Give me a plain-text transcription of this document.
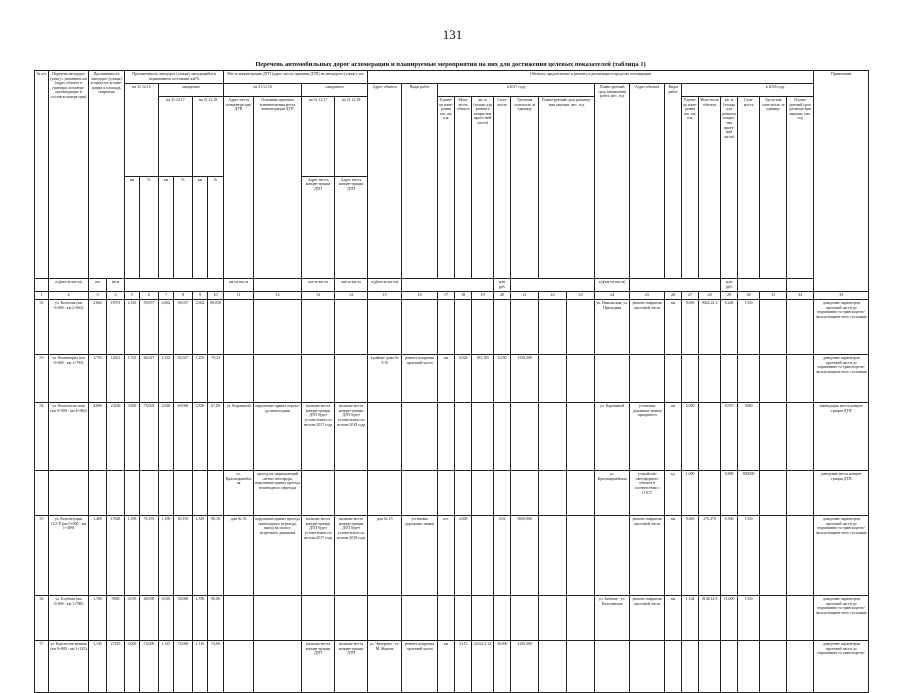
131
Перечень автомобильных дорог агломерации и планируемые мероприятия на них для достижения целевых показателей (таблица 1)
№ п/п	Перечень автодорог (улиц) с указанием км (адрес объекта в границах агломера-ции/входящих в состав агломера-ции)	Протяженность автодорог (улицы) в пределах агломе-рации и площадь покрытия		Протяженность автодорог (улицы), находящейся в нормативном состоянии, км/%						Места концентрации ДТП (адрес места, причины ДТП) на автодороге (улице), шт.				Объекты, предлагаемые к ремонту и реализации в пределах агломерации																		Примечание	
				на 31.12.16		ожидаемое				на 31.12.16		ожидаемое		Адрес объекта	Виды работ	в 2017 году							Плани-руемый срок завершения работ, мес. год	Адрес объекта	Виды работ	в 2018 году							
						на 31.12.17		на 31.12.18		Адрес места концентра-ции ДТП	Основные причины возникновения места концентрации ДТП	на 31.12.17	на 31.12.18			Едини-ца изме-рения км, шт, п.м.	Мощ-ность объекта	кв. м (только для ремонта покры-тия проез-жей части)	Стои-мость	Удельная стоимость за единицу	Плани-руемый срок размеще-ния закупки, мес. год					Едини-ца изме-рения км, шт, п.м.	Мощ-ность объекта	кв. м (только для ремонта покры-тия проез-жей части)	Стои-мость	Удель-ная стои-мость за единицу	Плани-руемый срок размеще-ния закупки, мес. год	
				км	%	км	%	км	%			Адрес места концен-трации ДТП	Адрес места концен-трации ДТП																				
	а/д(км+м-км+м)	км	кв.м							км+м-км+м		км+м-км+м	км+м-км+м	а/д(км+м-км+м)					млн руб.				а/д(км+м-км+м)					млн руб.					
1	2	3	4	5	6	7	8	9	10	11	12	13	14	15	16	17	18	19	20	21	22	23	24	25	26	27	28	29	30	31	32	33	
52	ул. Кочетова (км 0+000 - км 2+662)	2,662	18791	2,165	90,057	2,662	90,057	2,662	90,058														ул. Никольская, ул. Прилуцкая	ремонт покрытия проезжей части	км	0,650	9022,22 2	6,240	1350			доведение параметров проезжей части до нормативно-го транспортно-эксплуатацион-ного состояния	
53	ул. Коминтерна (км 0+000 - км 1+793)	1,793	12651	1,535	66,027	1,535	82,027	1,293	79,23					в районе дома № 3-10	ремонт покрытия проезжей части	км	0,026	185,185	0,250	1350,000												доведение параметров проезжей части до нормативно-го транспортно-эксплуатацион-ного состояния	
54	ул. Комсомоль-ская (км 0+000 - км 4+060)	4,060	23236	3,800	75,003	2,820	69,000	2,830	67,00	ул. Коровиной	нарушение правил перехо-да пешеходами	наличие места концен-трации ДТП будет устано-влено по итогам 2017 года	наличие места концен-трации ДТП будет устано-влено по итогам 2018 года										ул. Коровиной	установка дорожных знаков приоритета	шт	2,000		0,070	5000			ликвидация места концен-трации ДТП	
										ул. Красноармейская	проезд на запрещающий сигнал светофора, нарушение правил проезда пешеходного перехода												ул. Красноармейская	устройство светофорного объекта в соответствии с ГОСТ	ед.	1,000		0,800	800000			доведение места концен-трации ДТП	
55	ул. Конституции СССР (км 0+000 - км 1+469)	1,469	17628	1,189	76,193	1,189	80,193	1,349	80,18	дом № 33	нарушение правил проезда пешеходного перехода, выезд на полосу встречного движения	наличие места концен-трации ДТП будет устано-влено по итогам 2017 года	наличие места концен-трации ДТП будет устано-влено по итогам 2018 года	дом № 15	установка дорожных знаков	шт.	4,000		0,02	5000,000				ремонт покрытия проезжей части	км	0,063	270,270	0,500	1350			доведение параметров проезжей части до нормативно-го транспортно-эксплуатацион-ного состояния	
56	ул. Клубная (км 0+000 - км 1+780)	1,780	9580	0,018	48,090	0,018	50,000	1,780	80,00														ул. Бабаева - ул. Колочевская	ремонт покрытия проезжей части	км	1,164	8148,14 8	11,000	1350			доведение параметров проезжей части до нормативно-го транспортно-эксплуатацион-ного состояния	
57	ул. Краснозна-менная (км 0+000 - км 1+145)	1,145	27345	0,000	74,000	1,145	74,000	1,145	74,00			наличие места концен-трации ДТП	наличие места концен-трации ДТП	ул. Чичерина - ул. М. Жукова	ремонт покрытия проезжей части	км	3,115	22222,2 22	30,000	1350,000												доведение параметров проезжей части до нормативно-го транспортно-	
